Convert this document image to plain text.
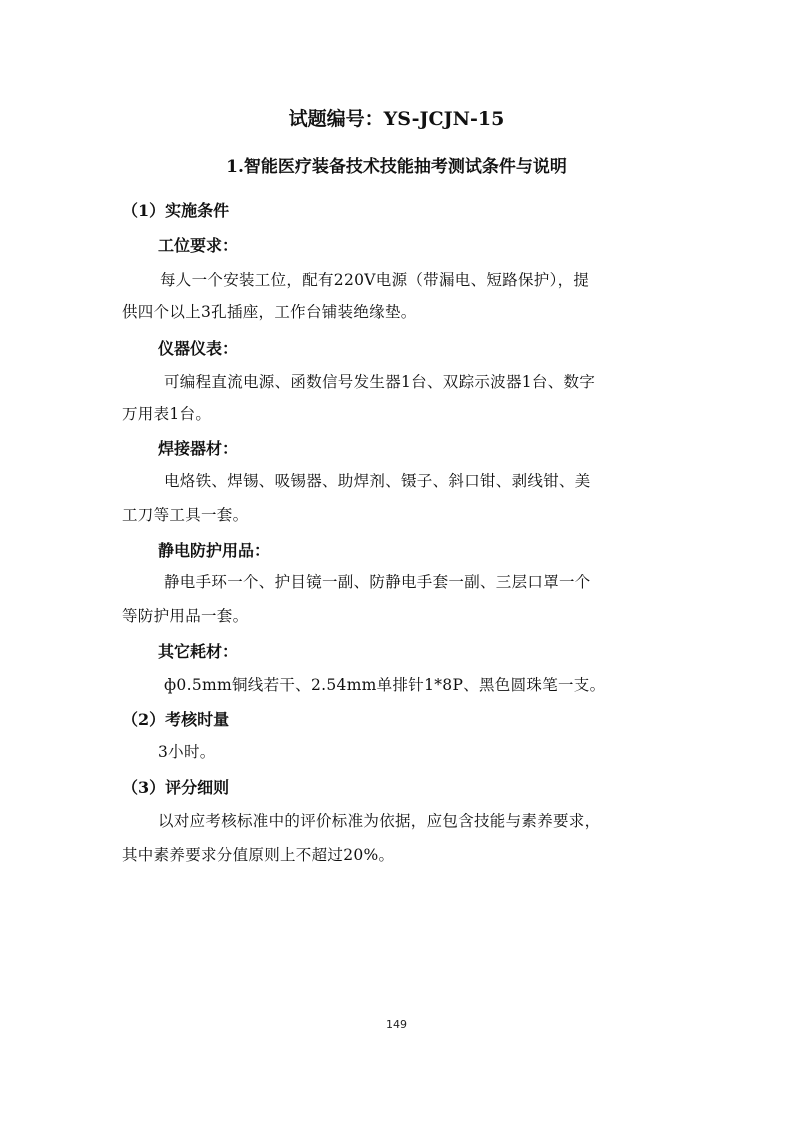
试题编号：YS-JCJN-15
1.智能医疗装备技术技能抽考测试条件与说明
（1）实施条件
工位要求：
每人一个安装工位，配有220V电源（带漏电、短路保护），提
供四个以上3孔插座，工作台铺装绝缘垫。
仪器仪表：
可编程直流电源、函数信号发生器1台、双踪示波器1台、数字
万用表1台。
焊接器材：
电烙铁、焊锡、吸锡器、助焊剂、镊子、斜口钳、剥线钳、美
工刀等工具一套。
静电防护用品：
静电手环一个、护目镜一副、防静电手套一副、三层口罩一个
等防护用品一套。
其它耗材：
ф0.5mm铜线若干、2.54mm单排针1*8P、黑色圆珠笔一支。
（2）考核时量
3小时。
（3）评分细则
以对应考核标准中的评价标准为依据，应包含技能与素养要求，
其中素养要求分值原则上不超过20%。
149
